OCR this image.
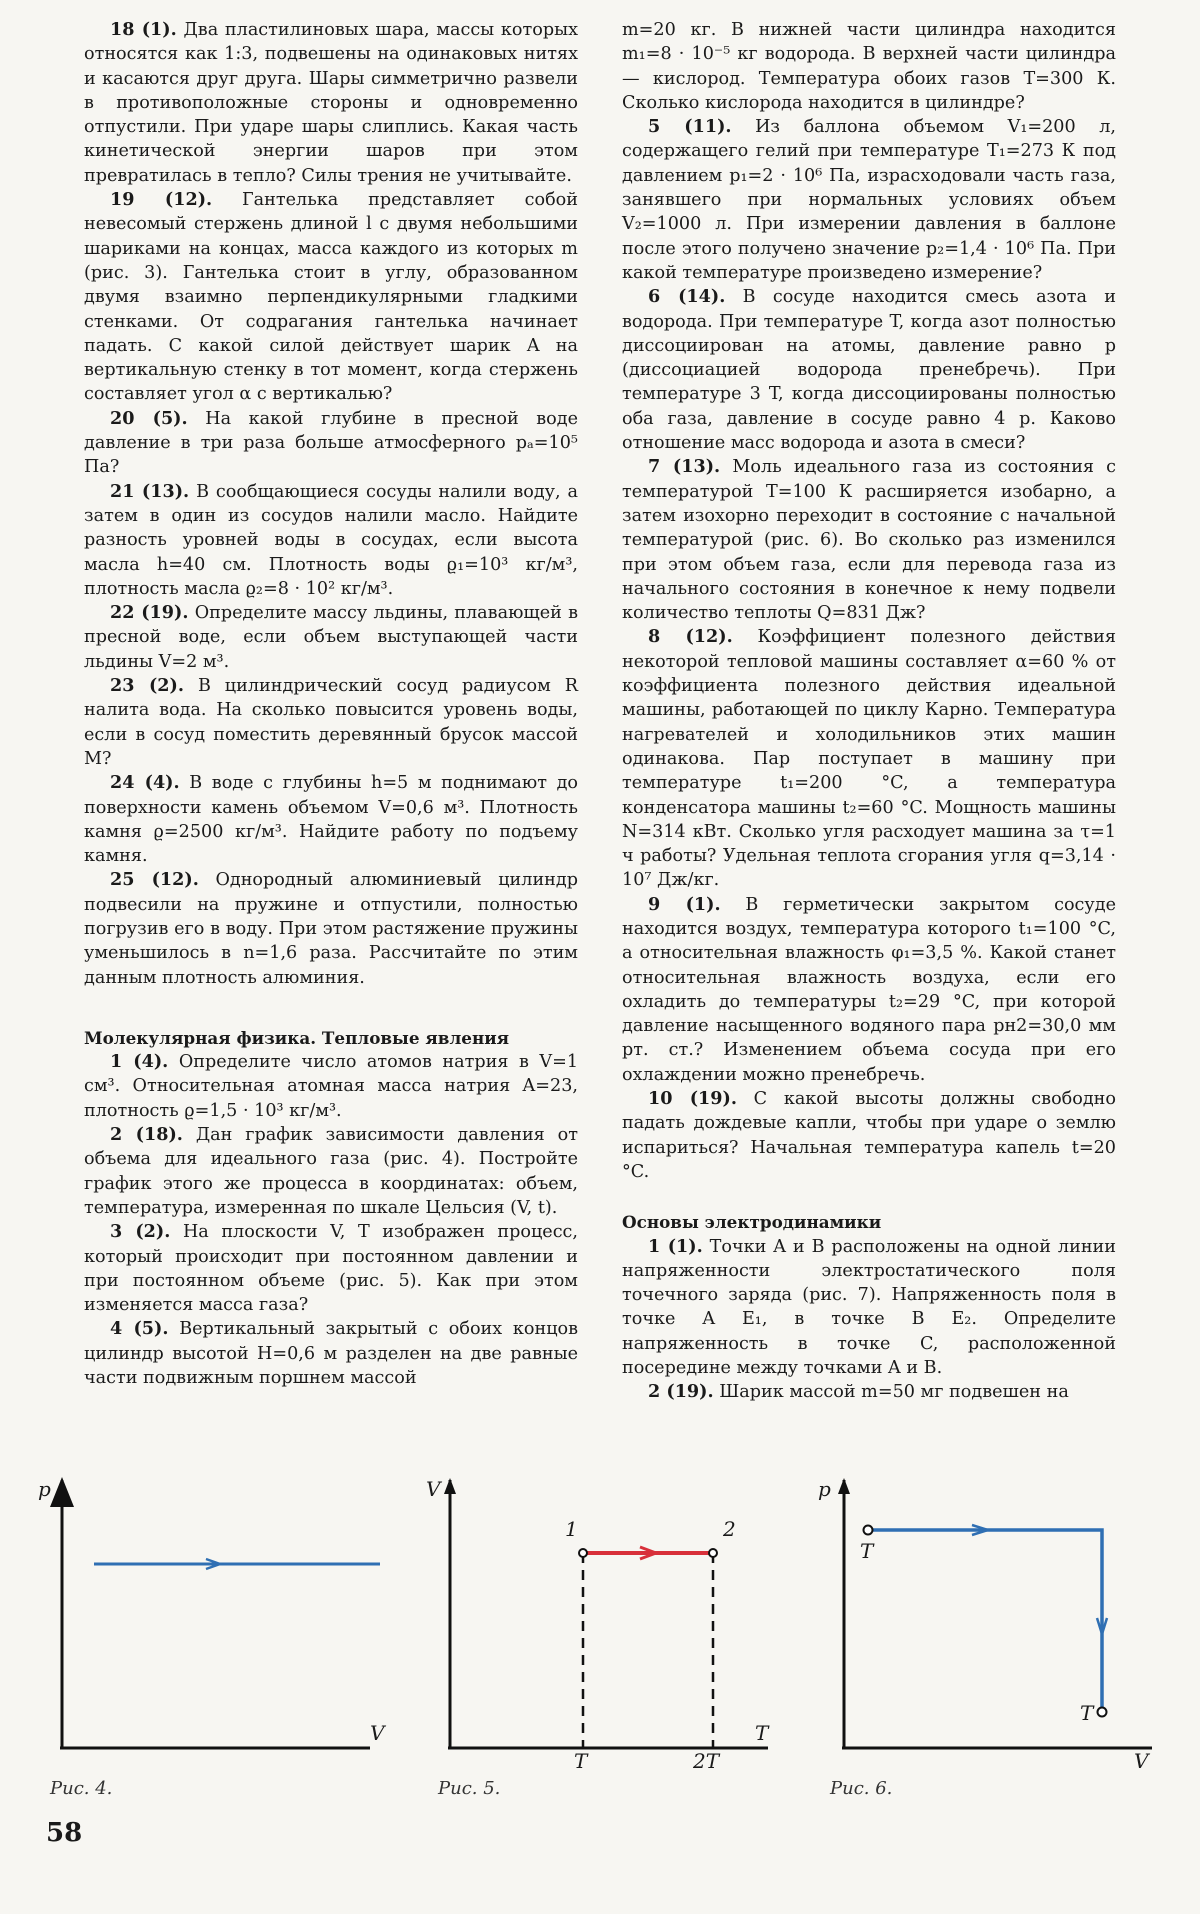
18 (1). Два пластилиновых шара, массы которых относятся как 1:3, подвешены на одинаковых нитях и касаются друг друга. Шары симметрично развели в противоположные стороны и одновременно отпустили. При ударе шары слиплись. Какая часть кинетической энергии шаров при этом превратилась в тепло? Силы трения не учитывайте.

19 (12). Гантелька представляет собой невесомый стержень длиной l с двумя небольшими шариками на концах, масса каждого из которых m (рис. 3). Гантелька стоит в углу, образованном двумя взаимно перпендикулярными гладкими стенками. От содрагания гантелька начинает падать. С какой силой действует шарик A на вертикальную стенку в тот момент, когда стержень составляет угол α с вертикалью?

20 (5). На какой глубине в пресной воде давление в три раза больше атмосферного pₐ=10⁵ Па?

21 (13). В сообщающиеся сосуды налили воду, а затем в один из сосудов налили масло. Найдите разность уровней воды в сосудах, если высота масла h=40 см. Плотность воды ϱ₁=10³ кг/м³, плотность масла ϱ₂=8 · 10² кг/м³.

22 (19). Определите массу льдины, плавающей в пресной воде, если объем выступающей части льдины V=2 м³.

23 (2). В цилиндрический сосуд радиусом R налита вода. На сколько повысится уровень воды, если в сосуд поместить деревянный брусок массой M?

24 (4). В воде с глубины h=5 м поднимают до поверхности камень объемом V=0,6 м³. Плотность камня ϱ=2500 кг/м³. Найдите работу по подъему камня.

25 (12). Однородный алюминиевый цилиндр подвесили на пружине и отпустили, полностью погрузив его в воду. При этом растяжение пружины уменьшилось в n=1,6 раза. Рассчитайте по этим данным плотность алюминия.

Молекулярная физика. Тепловые явления

1 (4). Определите число атомов натрия в V=1 см³. Относительная атомная масса натрия A=23, плотность ϱ=1,5 · 10³ кг/м³.

2 (18). Дан график зависимости давления от объема для идеального газа (рис. 4). Постройте график этого же процесса в координатах: объем, температура, измеренная по шкале Цельсия (V, t).

3 (2). На плоскости V, T изображен процесс, который происходит при постоянном давлении и при постоянном объеме (рис. 5). Как при этом изменяется масса газа?

4 (5). Вертикальный закрытый с обоих концов цилиндр высотой H=0,6 м разделен на две равные части подвижным поршнем массой

m=20 кг. В нижней части цилиндра находится m₁=8 · 10⁻⁵ кг водорода. В верхней части цилиндра — кислород. Температура обоих газов T=300 К. Сколько кислорода находится в цилиндре?

5 (11). Из баллона объемом V₁=200 л, содержащего гелий при температуре T₁=273 К под давлением p₁=2 · 10⁶ Па, израсходовали часть газа, занявшего при нормальных условиях объем V₂=1000 л. При измерении давления в баллоне после этого получено значение p₂=1,4 · 10⁶ Па. При какой температуре произведено измерение?

6 (14). В сосуде находится смесь азота и водорода. При температуре T, когда азот полностью диссоциирован на атомы, давление равно p (диссоциацией водорода пренебречь). При температуре 3 T, когда диссоциированы полностью оба газа, давление в сосуде равно 4 p. Каково отношение масс водорода и азота в смеси?

7 (13). Моль идеального газа из состояния с температурой T=100 К расширяется изобарно, а затем изохорно переходит в состояние с начальной температурой (рис. 6). Во сколько раз изменился при этом объем газа, если для перевода газа из начального состояния в конечное к нему подвели количество теплоты Q=831 Дж?

8 (12). Коэффициент полезного действия некоторой тепловой машины составляет α=60 % от коэффициента полезного действия идеальной машины, работающей по циклу Карно. Температура нагревателей и холодильников этих машин одинакова. Пар поступает в машину при температуре t₁=200 °C, а температура конденсатора машины t₂=60 °C. Мощность машины N=314 кВт. Сколько угля расходует машина за τ=1 ч работы? Удельная теплота сгорания угля q=3,14 · 10⁷ Дж/кг.

9 (1). В герметически закрытом сосуде находится воздух, температура которого t₁=100 °C, а относительная влажность φ₁=3,5 %. Какой станет относительная влажность воздуха, если его охладить до температуры t₂=29 °C, при которой давление насыщенного водяного пара pн2=30,0 мм рт. ст.? Изменением объема сосуда при его охлаждении можно пренебречь.

10 (19). С какой высоты должны свободно падать дождевые капли, чтобы при ударе о землю испариться? Начальная температура капель t=20 °C.

Основы электродинамики

1 (1). Точки A и B расположены на одной линии напряженности электростатического поля точечного заряда (рис. 7). Напряженность поля в точке A E₁, в точке B E₂. Определите напряженность в точке C, расположенной посередине между точками A и B.

2 (19). Шарик массой m=50 мг подвешен на

p
V
Рис. 4.
V
T
1	2
T	2T
Рис. 5.
p
V
T
T
Рис. 6.
58
